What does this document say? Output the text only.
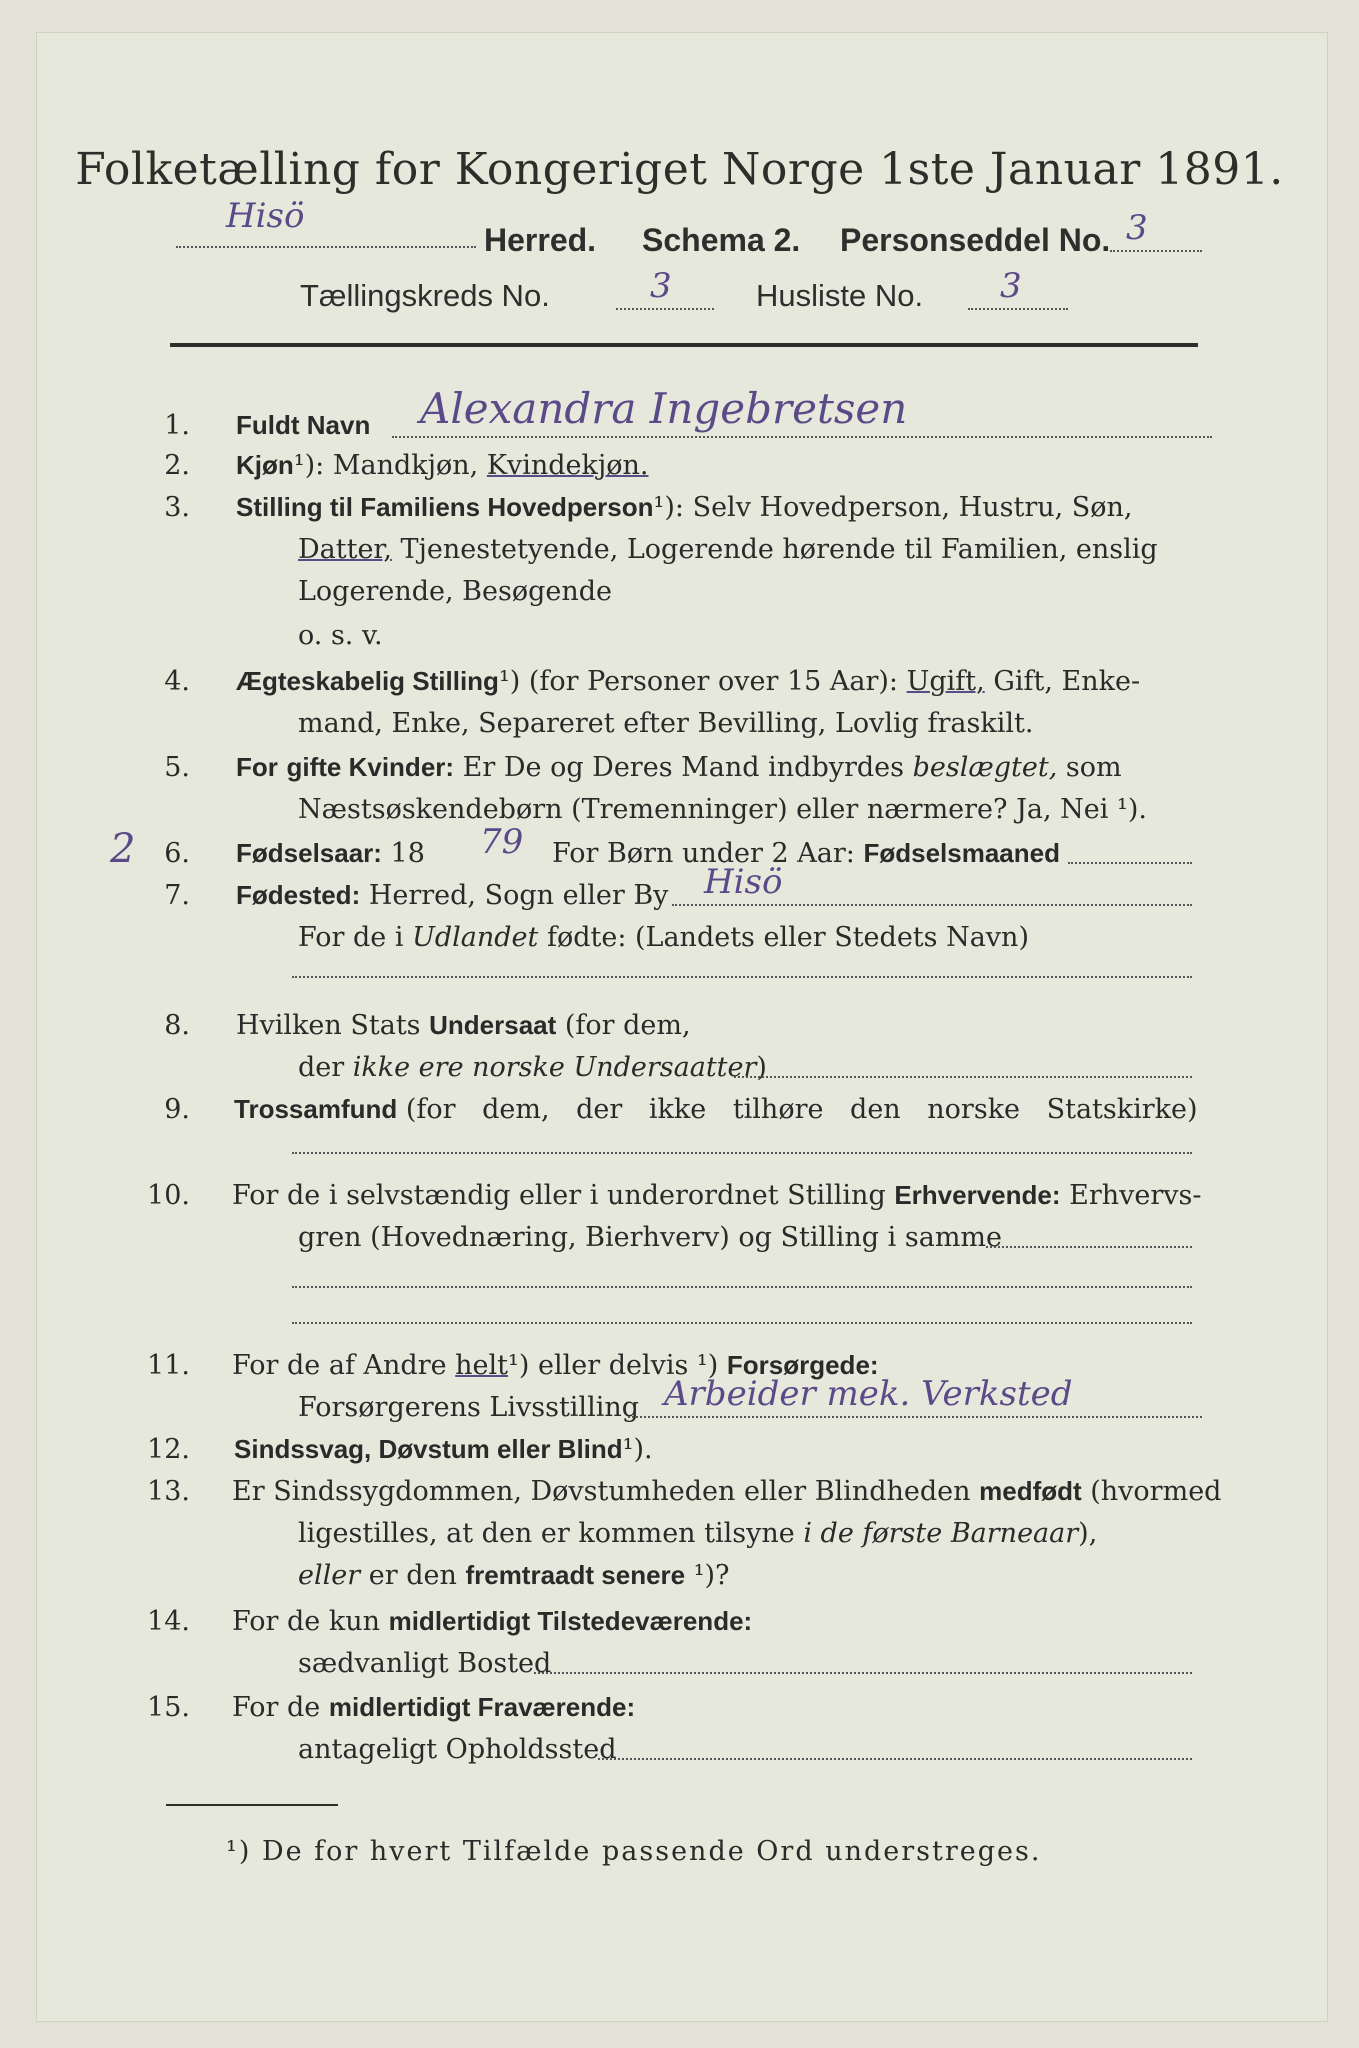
Folketælling for Kongeriget Norge 1ste Januar 1891.
Hisö
Herred. Schema 2. Personseddel No. 3
Tællingskreds No.	3	Husliste No. 3
1. Fuldt Navn Alexandra Ingebretsen
2. Kjøn¹): Mandkjøn, Kvindekjøn.
3. Stilling til Familiens Hovedperson¹): Selv Hovedperson, Hustru, Søn,
Datter, Tjenestetyende, Logerende hørende til Familien, enslig
Logerende, Besøgende
o. s. v.
4. Ægteskabelig Stilling¹) (for Personer over 15 Aar): Ugift, Gift, Enke-
mand, Enke, Separeret efter Bevilling, Lovlig fraskilt.
5. For gifte Kvinder: Er De og Deres Mand indbyrdes beslægtet, som
Næstsøskendebørn (Tremenninger) eller nærmere? Ja, Nei ¹).
2	6. Fødselsaar: 18 79 For Børn under 2 Aar: Fødselsmaaned
7. Fødested: Herred, Sogn eller By Hisö
For de i Udlandet fødte: (Landets eller Stedets Navn)
8. Hvilken Stats Undersaat (for dem,
der ikke ere norske Undersaatter)
9. Trossamfund (for dem, der ikke tilhøre den norske Statskirke)
10. For de i selvstændig eller i underordnet Stilling Erhvervende: Erhvervs-
gren (Hovednæring, Bierhverv) og Stilling i samme
11. For de af Andre helt¹) eller delvis ¹) Forsørgede:
Forsørgerens Livsstilling Arbeider mek. Verksted
12. Sindssvag, Døvstum eller Blind¹).
13. Er Sindssygdommen, Døvstumheden eller Blindheden medfødt (hvormed
ligestilles, at den er kommen tilsyne i de første Barneaar),
eller er den fremtraadt senere ¹)?
14. For de kun midlertidigt Tilstedeværende:
sædvanligt Bosted
15. For de midlertidigt Fraværende:
antageligt Opholdssted
¹) De for hvert Tilfælde passende Ord understreges.
